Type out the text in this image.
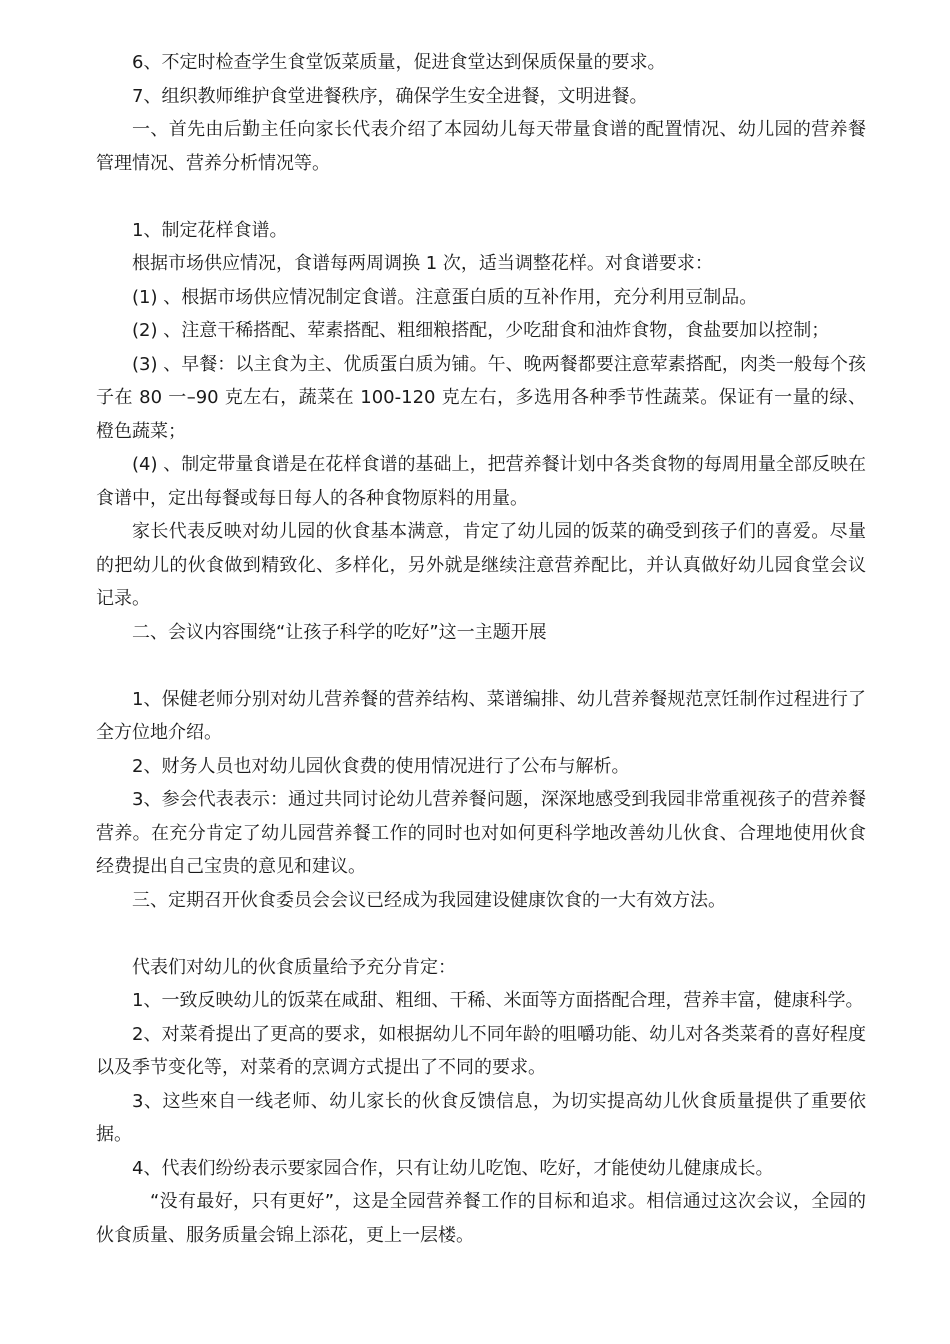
6、不定时检查学生食堂饭菜质量，促进食堂达到保质保量的要求。

7、组织教师维护食堂进餐秩序，确保学生安全进餐，文明进餐。

一、首先由后勤主任向家长代表介绍了本园幼儿每天带量食谱的配置情况、幼儿园的营养餐管理情况、营养分析情况等。

1、制定花样食谱。

根据市场供应情况，食谱每两周调换 1 次，适当调整花样。对食谱要求：

(1) 、根据市场供应情况制定食谱。注意蛋白质的互补作用，充分利用豆制品。

(2) 、注意干稀搭配、荤素搭配、粗细粮搭配，少吃甜食和油炸食物，食盐要加以控制；

(3) 、早餐：以主食为主、优质蛋白质为铺。午、晚两餐都要注意荤素搭配，肉类一般每个孩子在 80 一–90 克左右，蔬菜在 100-120 克左右，多选用各种季节性蔬菜。保证有一量的绿、橙色蔬菜；

(4) 、制定带量食谱是在花样食谱的基础上，把营养餐计划中各类食物的每周用量全部反映在食谱中，定出每餐或每日每人的各种食物原料的用量。

家长代表反映对幼儿园的伙食基本满意，肯定了幼儿园的饭菜的确受到孩子们的喜爱。尽量的把幼儿的伙食做到精致化、多样化，另外就是继续注意营养配比，并认真做好幼儿园食堂会议记录。

二、会议内容围绕“让孩子科学的吃好”这一主题开展

1、保健老师分别对幼儿营养餐的营养结构、菜谱编排、幼儿营养餐规范烹饪制作过程进行了全方位地介绍。

2、财务人员也对幼儿园伙食费的使用情况进行了公布与解析。

3、参会代表表示：通过共同讨论幼儿营养餐问题，深深地感受到我园非常重视孩子的营养餐营养。在充分肯定了幼儿园营养餐工作的同时也对如何更科学地改善幼儿伙食、合理地使用伙食经费提出自己宝贵的意见和建议。

三、定期召开伙食委员会会议已经成为我园建设健康饮食的一大有效方法。

代表们对幼儿的伙食质量给予充分肯定：

1、一致反映幼儿的饭菜在咸甜、粗细、干稀、米面等方面搭配合理，营养丰富，健康科学。

2、对菜肴提出了更高的要求，如根据幼儿不同年龄的咀嚼功能、幼儿对各类菜肴的喜好程度以及季节变化等，对菜肴的烹调方式提出了不同的要求。

3、这些來自一线老师、幼儿家长的伙食反馈信息，为切实提高幼儿伙食质量提供了重要依据。

4、代表们纷纷表示要家园合作，只有让幼儿吃饱、吃好，才能使幼儿健康成长。

“没有最好，只有更好”，这是全园营养餐工作的目标和追求。相信通过这次会议，全园的伙食质量、服务质量会锦上添花，更上一层楼。
